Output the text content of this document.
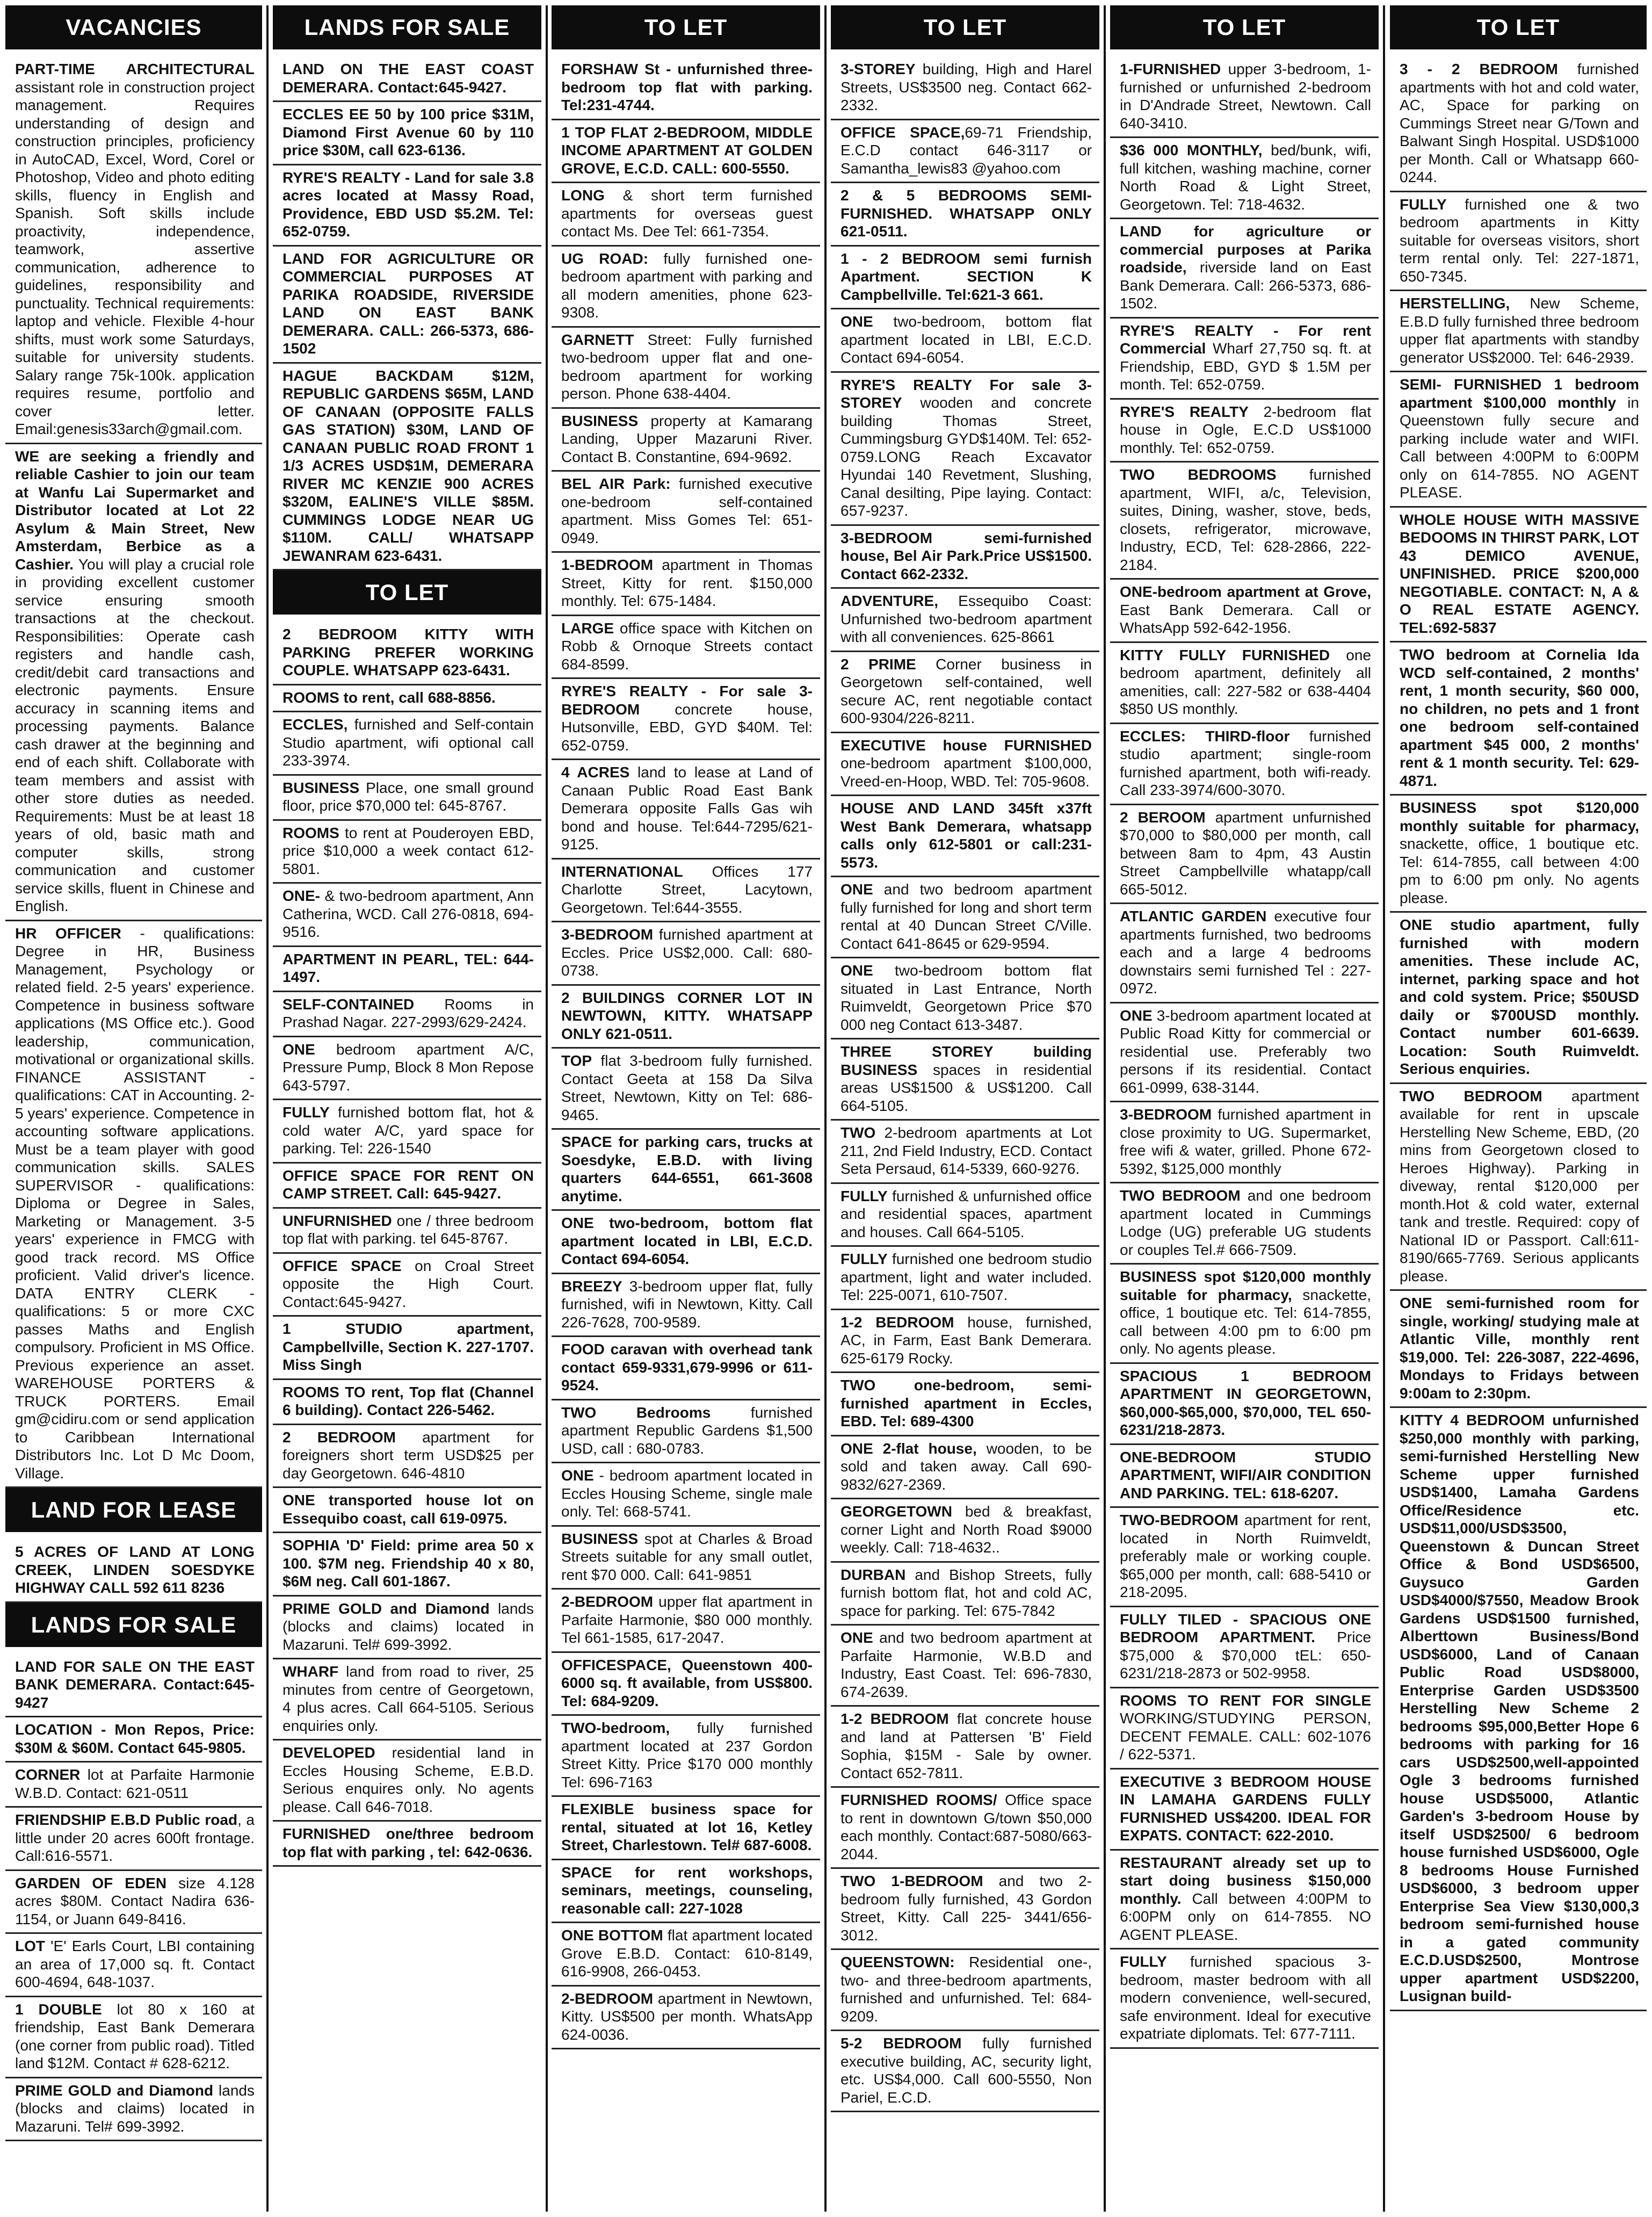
VACANCIES
PART-TIME ARCHITECTURAL assistant role in construction project management. Requires understanding of design and construction principles, proficiency in AutoCAD, Excel, Word, Corel or Photoshop, Video and photo editing skills, fluency in English and Spanish. Soft skills include proactivity, independence, teamwork, assertive communication, adherence to guidelines, responsibility and punctuality. Technical requirements: laptop and vehicle. Flexible 4-hour shifts, must work some Saturdays, suitable for university students. Salary range 75k-100k. application requires resume, portfolio and cover letter. Email:genesis33arch@gmail.com.
WE are seeking a friendly and reliable Cashier to join our team at Wanfu Lai Supermarket and Distributor located at Lot 22 Asylum & Main Street, New Amsterdam, Berbice as a Cashier. You will play a crucial role in providing excellent customer service ensuring smooth transactions at the checkout. Responsibilities: Operate cash registers and handle cash, credit/debit card transactions and electronic payments. Ensure accuracy in scanning items and processing payments. Balance cash drawer at the beginning and end of each shift. Collaborate with team members and assist with other store duties as needed. Requirements: Must be at least 18 years of old, basic math and computer skills, strong communication and customer service skills, fluent in Chinese and English.
HR OFFICER - qualifications: Degree in HR, Business Management, Psychology or related field. 2-5 years' experience. Competence in business software applications (MS Office etc.). Good leadership, communication, motivational or organizational skills. FINANCE ASSISTANT - qualifications: CAT in Accounting. 2-5 years' experience. Competence in accounting software applications. Must be a team player with good communication skills. SALES SUPERVISOR - qualifications: Diploma or Degree in Sales, Marketing or Management. 3-5 years' experience in FMCG with good track record. MS Office proficient. Valid driver's licence. DATA ENTRY CLERK - qualifications: 5 or more CXC passes Maths and English compulsory. Proficient in MS Office. Previous experience an asset. WAREHOUSE PORTERS & TRUCK PORTERS. Email gm@cidiru.com or send application to Caribbean International Distributors Inc. Lot D Mc Doom, Village.
LAND FOR LEASE
5 ACRES OF LAND AT LONG CREEK, LINDEN SOESDYKE HIGHWAY CALL 592 611 8236
LANDS FOR SALE
LAND FOR SALE ON THE EAST BANK DEMERARA. Contact:645-9427
LOCATION - Mon Repos, Price: $30M & $60M. Contact 645-9805.
CORNER lot at Parfaite Harmonie W.B.D. Contact: 621-0511
FRIENDSHIP E.B.D Public road, a little under 20 acres 600ft frontage. Call:616-5571.
GARDEN OF EDEN size 4.128 acres $80M. Contact Nadira 636-1154, or Juann 649-8416.
LOT 'E' Earls Court, LBI containing an area of 17,000 sq. ft. Contact 600-4694, 648-1037.
1 DOUBLE lot 80 x 160 at friendship, East Bank Demerara (one corner from public road). Titled land $12M. Contact # 628-6212.
PRIME GOLD and Diamond lands (blocks and claims) located in Mazaruni. Tel# 699-3992.
LANDS FOR SALE
LAND ON THE EAST COAST DEMERARA. Contact:645-9427.
ECCLES EE 50 by 100 price $31M, Diamond First Avenue 60 by 110 price $30M, call 623-6136.
RYRE'S REALTY - Land for sale 3.8 acres located at Massy Road, Providence, EBD USD $5.2M. Tel: 652-0759.
LAND FOR AGRICULTURE OR COMMERCIAL PURPOSES AT PARIKA ROADSIDE, RIVERSIDE LAND ON EAST BANK DEMERARA. CALL: 266-5373, 686-1502
HAGUE BACKDAM $12M, REPUBLIC GARDENS $65M, LAND OF CANAAN (OPPOSITE FALLS GAS STATION) $30M, LAND OF CANAAN PUBLIC ROAD FRONT 1 1/3 ACRES USD$1M, DEMERARA RIVER MC KENZIE 900 ACRES $320M, EALINE'S VILLE $85M. CUMMINGS LODGE NEAR UG $110M. CALL/ WHATSAPP JEWANRAM 623-6431.
TO LET
2 BEDROOM KITTY WITH PARKING PREFER WORKING COUPLE. WHATSAPP 623-6431.
ROOMS to rent, call 688-8856.
ECCLES, furnished and Self-contain Studio apartment, wifi optional call 233-3974.
BUSINESS Place, one small ground floor, price $70,000 tel: 645-8767.
ROOMS to rent at Pouderoyen EBD, price $10,000 a week contact 612-5801.
ONE- & two-bedroom apartment, Ann Catherina, WCD. Call 276-0818, 694-9516.
APARTMENT IN PEARL, TEL: 644-1497.
SELF-CONTAINED Rooms in Prashad Nagar. 227-2993/629-2424.
ONE bedroom apartment A/C, Pressure Pump, Block 8 Mon Repose 643-5797.
FULLY furnished bottom flat, hot & cold water A/C, yard space for parking. Tel: 226-1540
OFFICE SPACE FOR RENT ON CAMP STREET. Call: 645-9427.
UNFURNISHED one / three bedroom top flat with parking. tel 645-8767.
OFFICE SPACE on Croal Street opposite the High Court. Contact:645-9427.
1 STUDIO apartment, Campbellville, Section K. 227-1707. Miss Singh
ROOMS TO rent, Top flat (Channel 6 building). Contact 226-5462.
2 BEDROOM apartment for foreigners short term USD$25 per day Georgetown. 646-4810
ONE transported house lot on Essequibo coast, call 619-0975.
SOPHIA 'D' Field: prime area 50 x 100. $7M neg. Friendship 40 x 80, $6M neg. Call 601-1867.
PRIME GOLD and Diamond lands (blocks and claims) located in Mazaruni. Tel# 699-3992.
WHARF land from road to river, 25 minutes from centre of Georgetown, 4 plus acres. Call 664-5105. Serious enquiries only.
DEVELOPED residential land in Eccles Housing Scheme, E.B.D. Serious enquires only. No agents please. Call 646-7018.
FURNISHED one/three bedroom top flat with parking , tel: 642-0636.
TO LET
FORSHAW St - unfurnished three-bedroom top flat with parking. Tel:231-4744.
1 TOP FLAT 2-BEDROOM, MIDDLE INCOME APARTMENT AT GOLDEN GROVE, E.C.D. CALL: 600-5550.
LONG & short term furnished apartments for overseas guest contact Ms. Dee Tel: 661-7354.
UG ROAD: fully furnished one-bedroom apartment with parking and all modern amenities, phone 623-9308.
GARNETT Street: Fully furnished two-bedroom upper flat and one-bedroom apartment for working person. Phone 638-4404.
BUSINESS property at Kamarang Landing, Upper Mazaruni River. Contact B. Constantine, 694-9692.
BEL AIR Park: furnished executive one-bedroom self-contained apartment. Miss Gomes Tel: 651-0949.
1-BEDROOM apartment in Thomas Street, Kitty for rent. $150,000 monthly. Tel: 675-1484.
LARGE office space with Kitchen on Robb & Ornoque Streets contact 684-8599.
RYRE'S REALTY - For sale 3-BEDROOM concrete house, Hutsonville, EBD, GYD $40M. Tel: 652-0759.
4 ACRES land to lease at Land of Canaan Public Road East Bank Demerara opposite Falls Gas wih bond and house. Tel:644-7295/621-9125.
INTERNATIONAL Offices 177 Charlotte Street, Lacytown, Georgetown. Tel:644-3555.
3-BEDROOM furnished apartment at Eccles. Price US$2,000. Call: 680-0738.
2 BUILDINGS CORNER LOT IN NEWTOWN, KITTY. WHATSAPP ONLY 621-0511.
TOP flat 3-bedroom fully furnished. Contact Geeta at 158 Da Silva Street, Newtown, Kitty on Tel: 686-9465.
SPACE for parking cars, trucks at Soesdyke, E.B.D. with living quarters 644-6551, 661-3608 anytime.
ONE two-bedroom, bottom flat apartment located in LBI, E.C.D. Contact 694-6054.
BREEZY 3-bedroom upper flat, fully furnished, wifi in Newtown, Kitty. Call 226-7628, 700-9589.
FOOD caravan with overhead tank contact 659-9331,679-9996 or 611-9524.
TWO Bedrooms furnished apartment Republic Gardens $1,500 USD, call : 680-0783.
ONE - bedroom apartment located in Eccles Housing Scheme, single male only. Tel: 668-5741.
BUSINESS spot at Charles & Broad Streets suitable for any small outlet, rent $70 000. Call: 641-9851
2-BEDROOM upper flat apartment in Parfaite Harmonie, $80 000 monthly. Tel 661-1585, 617-2047.
OFFICESPACE, Queenstown 400-6000 sq. ft available, from US$800. Tel: 684-9209.
TWO-bedroom, fully furnished apartment located at 237 Gordon Street Kitty. Price $170 000 monthly Tel: 696-7163
FLEXIBLE business space for rental, situated at lot 16, Ketley Street, Charlestown. Tel# 687-6008.
SPACE for rent workshops, seminars, meetings, counseling, reasonable call: 227-1028
ONE BOTTOM flat apartment located Grove E.B.D. Contact: 610-8149, 616-9908, 266-0453.
2-BEDROOM apartment in Newtown, Kitty. US$500 per month. WhatsApp 624-0036.
TO LET
3-STOREY building, High and Harel Streets, US$3500 neg. Contact 662-2332.
OFFICE SPACE,69-71 Friendship, E.C.D contact 646-3117 or Samantha_lewis83 @yahoo.com
2 & 5 BEDROOMS SEMI-FURNISHED. WHATSAPP ONLY 621-0511.
1 - 2 BEDROOM semi furnish Apartment. SECTION K Campbellville. Tel:621-3 661.
ONE two-bedroom, bottom flat apartment located in LBI, E.C.D. Contact 694-6054.
RYRE'S REALTY For sale 3-STOREY wooden and concrete building Thomas Street, Cummingsburg GYD$140M. Tel: 652-0759.LONG Reach Excavator Hyundai 140 Revetment, Slushing, Canal desilting, Pipe laying. Contact: 657-9237.
3-BEDROOM semi-furnished house, Bel Air Park.Price US$1500. Contact 662-2332.
ADVENTURE, Essequibo Coast: Unfurnished two-bedroom apartment with all conveniences. 625-8661
2 PRIME Corner business in Georgetown self-contained, well secure AC, rent negotiable contact 600-9304/226-8211.
EXECUTIVE house FURNISHED one-bedroom apartment $100,000, Vreed-en-Hoop, WBD. Tel: 705-9608.
HOUSE AND LAND 345ft x37ft West Bank Demerara, whatsapp calls only 612-5801 or call:231-5573.
ONE and two bedroom apartment fully furnished for long and short term rental at 40 Duncan Street C/Ville. Contact 641-8645 or 629-9594.
ONE two-bedroom bottom flat situated in Last Entrance, North Ruimveldt, Georgetown Price $70 000 neg Contact 613-3487.
THREE STOREY building BUSINESS spaces in residential areas US$1500 & US$1200. Call 664-5105.
TWO 2-bedroom apartments at Lot 211, 2nd Field Industry, ECD. Contact Seta Persaud, 614-5339, 660-9276.
FULLY furnished & unfurnished office and residential spaces, apartment and houses. Call 664-5105.
FULLY furnished one bedroom studio apartment, light and water included. Tel: 225-0071, 610-7507.
1-2 BEDROOM house, furnished, AC, in Farm, East Bank Demerara. 625-6179 Rocky.
TWO one-bedroom, semi-furnished apartment in Eccles, EBD. Tel: 689-4300
ONE 2-flat house, wooden, to be sold and taken away. Call 690-9832/627-2369.
GEORGETOWN bed & breakfast, corner Light and North Road $9000 weekly. Call: 718-4632..
DURBAN and Bishop Streets, fully furnish bottom flat, hot and cold AC, space for parking. Tel: 675-7842
ONE and two bedroom apartment at Parfaite Harmonie, W.B.D and Industry, East Coast. Tel: 696-7830, 674-2639.
1-2 BEDROOM flat concrete house and land at Pattersen 'B' Field Sophia, $15M - Sale by owner. Contact 652-7811.
FURNISHED ROOMS/ Office space to rent in downtown G/town $50,000 each monthly. Contact:687-5080/663-2044.
TWO 1-BEDROOM and two 2-bedroom fully furnished, 43 Gordon Street, Kitty. Call 225- 3441/656-3012.
QUEENSTOWN: Residential one-, two- and three-bedroom apartments, furnished and unfurnished. Tel: 684-9209.
5-2 BEDROOM fully furnished executive building, AC, security light, etc. US$4,000. Call 600-5550, Non Pariel, E.C.D.
TO LET
1-FURNISHED upper 3-bedroom, 1-furnished or unfurnished 2-bedroom in D'Andrade Street, Newtown. Call 640-3410.
$36 000 MONTHLY, bed/bunk, wifi, full kitchen, washing machine, corner North Road & Light Street, Georgetown. Tel: 718-4632.
LAND for agriculture or commercial purposes at Parika roadside, riverside land on East Bank Demerara. Call: 266-5373, 686-1502.
RYRE'S REALTY - For rent Commercial Wharf 27,750 sq. ft. at Friendship, EBD, GYD $ 1.5M per month. Tel: 652-0759.
RYRE'S REALTY 2-bedroom flat house in Ogle, E.C.D US$1000 monthly. Tel: 652-0759.
TWO BEDROOMS furnished apartment, WIFI, a/c, Television, suites, Dining, washer, stove, beds, closets, refrigerator, microwave, Industry, ECD, Tel: 628-2866, 222-2184.
ONE-bedroom apartment at Grove, East Bank Demerara. Call or WhatsApp 592-642-1956.
KITTY FULLY FURNISHED one bedroom apartment, definitely all amenities, call: 227-582 or 638-4404 $850 US monthly.
ECCLES: THIRD-floor furnished studio apartment; single-room furnished apartment, both wifi-ready. Call 233-3974/600-3070.
2 BEROOM apartment unfurnished $70,000 to $80,000 per month, call between 8am to 4pm, 43 Austin Street Campbellville whatapp/call 665-5012.
ATLANTIC GARDEN executive four apartments furnished, two bedrooms each and a large 4 bedrooms downstairs semi furnished Tel : 227-0972.
ONE 3-bedroom apartment located at Public Road Kitty for commercial or residential use. Preferably two persons if its residential. Contact 661-0999, 638-3144.
3-BEDROOM furnished apartment in close proximity to UG. Supermarket, free wifi & water, grilled. Phone 672-5392, $125,000 monthly
TWO BEDROOM and one bedroom apartment located in Cummings Lodge (UG) preferable UG students or couples Tel.# 666-7509.
BUSINESS spot $120,000 monthly suitable for pharmacy, snackette, office, 1 boutique etc. Tel: 614-7855, call between 4:00 pm to 6:00 pm only. No agents please.
SPACIOUS 1 BEDROOM APARTMENT IN GEORGETOWN, $60,000-$65,000, $70,000, TEL 650-6231/218-2873.
ONE-BEDROOM STUDIO APARTMENT, WIFI/AIR CONDITION AND PARKING. TEL: 618-6207.
TWO-BEDROOM apartment for rent, located in North Ruimveldt, preferably male or working couple. $65,000 per month, call: 688-5410 or 218-2095.
FULLY TILED - SPACIOUS ONE BEDROOM APARTMENT. Price $75,000 & $70,000 tEL: 650-6231/218-2873 or 502-9958.
ROOMS TO RENT FOR SINGLE WORKING/STUDYING PERSON, DECENT FEMALE. CALL: 602-1076 / 622-5371.
EXECUTIVE 3 BEDROOM HOUSE IN LAMAHA GARDENS FULLY FURNISHED US$4200. IDEAL FOR EXPATS. CONTACT: 622-2010.
RESTAURANT already set up to start doing business $150,000 monthly. Call between 4:00PM to 6:00PM only on 614-7855. NO AGENT PLEASE.
FULLY furnished spacious 3-bedroom, master bedroom with all modern convenience, well-secured, safe environment. Ideal for executive expatriate diplomats. Tel: 677-7111.
TO LET
3 - 2 BEDROOM furnished apartments with hot and cold water, AC, Space for parking on Cummings Street near G/Town and Balwant Singh Hospital. USD$1000 per Month. Call or Whatsapp 660-0244.
FULLY furnished one & two bedroom apartments in Kitty suitable for overseas visitors, short term rental only. Tel: 227-1871, 650-7345.
HERSTELLING, New Scheme, E.B.D fully furnished three bedroom upper flat apartments with standby generator US$2000. Tel: 646-2939.
SEMI- FURNISHED 1 bedroom apartment $100,000 monthly in Queenstown fully secure and parking include water and WIFI. Call between 4:00PM to 6:00PM only on 614-7855. NO AGENT PLEASE.
WHOLE HOUSE WITH MASSIVE BEDOOMS IN THIRST PARK, LOT 43 DEMICO AVENUE, UNFINISHED. PRICE $200,000 NEGOTIABLE. CONTACT: N, A & O REAL ESTATE AGENCY. TEL:692-5837
TWO bedroom at Cornelia Ida WCD self-contained, 2 months' rent, 1 month security, $60 000, no children, no pets and 1 front one bedroom self-contained apartment $45 000, 2 months' rent & 1 month security. Tel: 629-4871.
BUSINESS spot $120,000 monthly suitable for pharmacy, snackette, office, 1 boutique etc. Tel: 614-7855, call between 4:00 pm to 6:00 pm only. No agents please.
ONE studio apartment, fully furnished with modern amenities. These include AC, internet, parking space and hot and cold system. Price; $50USD daily or $700USD monthly. Contact number 601-6639. Location: South Ruimveldt. Serious enquiries.
TWO BEDROOM apartment available for rent in upscale Herstelling New Scheme, EBD, (20 mins from Georgetown closed to Heroes Highway). Parking in diveway, rental $120,000 per month.Hot & cold water, external tank and trestle. Required: copy of National ID or Passport. Call:611-8190/665-7769. Serious applicants please.
ONE semi-furnished room for single, working/ studying male at Atlantic Ville, monthly rent $19,000. Tel: 226-3087, 222-4696, Mondays to Fridays between 9:00am to 2:30pm.
KITTY 4 BEDROOM unfurnished $250,000 monthly with parking, semi-furnished Herstelling New Scheme upper furnished USD$1400, Lamaha Gardens Office/Residence etc. USD$11,000/USD$3500, Queenstown & Duncan Street Office & Bond USD$6500, Guysuco Garden USD$4000/$7550, Meadow Brook Gardens USD$1500 furnished, Alberttown Business/Bond USD$6000, Land of Canaan Public Road USD$8000, Enterprise Garden USD$3500 Herstelling New Scheme 2 bedrooms $95,000,Better Hope 6 bedrooms with parking for 16 cars USD$2500,well-appointed Ogle 3 bedrooms furnished house USD$5000, Atlantic Garden's 3-bedroom House by itself USD$2500/ 6 bedroom house furnished USD$6000, Ogle 8 bedrooms House Furnished USD$6000, 3 bedroom upper Enterprise Sea View $130,000,3 bedroom semi-furnished house in a gated community E.C.D.USD$2500, Montrose upper apartment USD$2200, Lusignan build-
